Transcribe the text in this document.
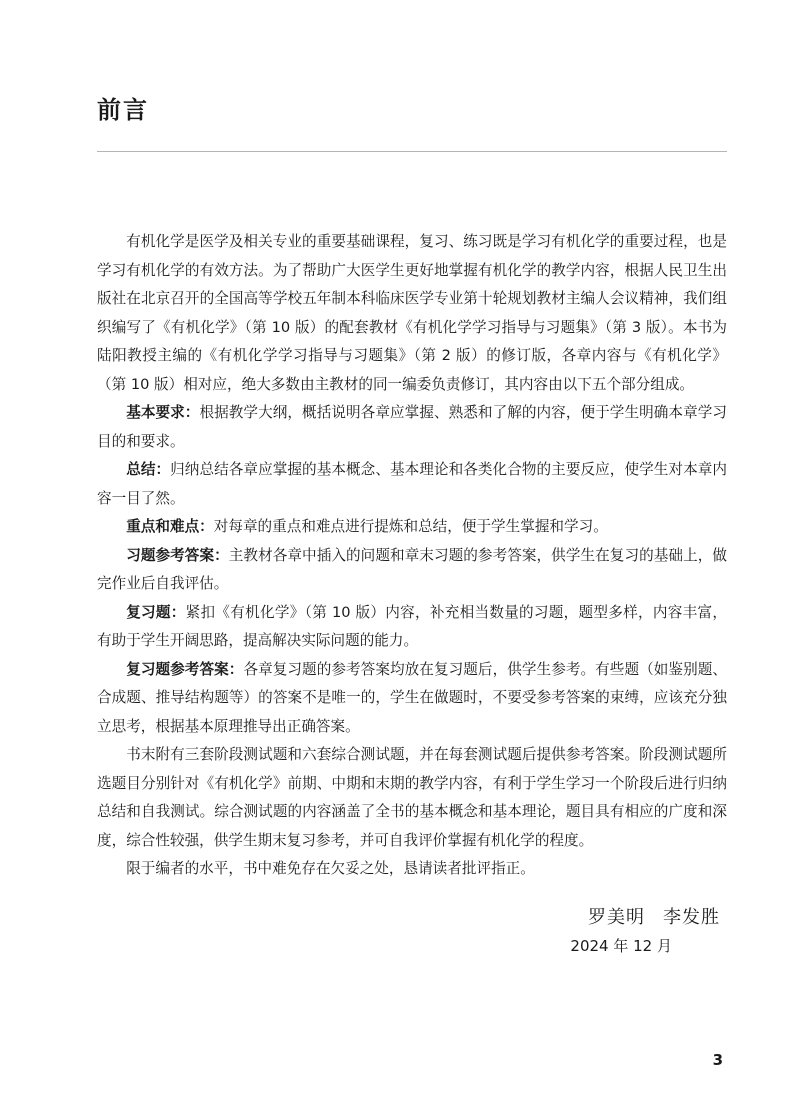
前言

有机化学是医学及相关专业的重要基础课程，复习、练习既是学习有机化学的重要过程，也是学习有机化学的有效方法。为了帮助广大医学生更好地掌握有机化学的教学内容，根据人民卫生出版社在北京召开的全国高等学校五年制本科临床医学专业第十轮规划教材主编人会议精神，我们组织编写了《有机化学》（第 10 版）的配套教材《有机化学学习指导与习题集》（第 3 版）。本书为陆阳教授主编的《有机化学学习指导与习题集》（第 2 版）的修订版，各章内容与《有机化学》（第 10 版）相对应，绝大多数由主教材的同一编委负责修订，其内容由以下五个部分组成。

基本要求：根据教学大纲，概括说明各章应掌握、熟悉和了解的内容，便于学生明确本章学习目的和要求。

总结：归纳总结各章应掌握的基本概念、基本理论和各类化合物的主要反应，使学生对本章内容一目了然。

重点和难点：对每章的重点和难点进行提炼和总结，便于学生掌握和学习。

习题参考答案：主教材各章中插入的问题和章末习题的参考答案，供学生在复习的基础上，做完作业后自我评估。

复习题：紧扣《有机化学》（第 10 版）内容，补充相当数量的习题，题型多样，内容丰富，有助于学生开阔思路，提高解决实际问题的能力。

复习题参考答案：各章复习题的参考答案均放在复习题后，供学生参考。有些题（如鉴别题、合成题、推导结构题等）的答案不是唯一的，学生在做题时，不要受参考答案的束缚，应该充分独立思考，根据基本原理推导出正确答案。

书末附有三套阶段测试题和六套综合测试题，并在每套测试题后提供参考答案。阶段测试题所选题目分别针对《有机化学》前期、中期和末期的教学内容，有利于学生学习一个阶段后进行归纳总结和自我测试。综合测试题的内容涵盖了全书的基本概念和基本理论，题目具有相应的广度和深度，综合性较强，供学生期末复习参考，并可自我评价掌握有机化学的程度。

限于编者的水平，书中难免存在欠妥之处，恳请读者批评指正。

罗美明 李发胜
2024 年 12 月
3
